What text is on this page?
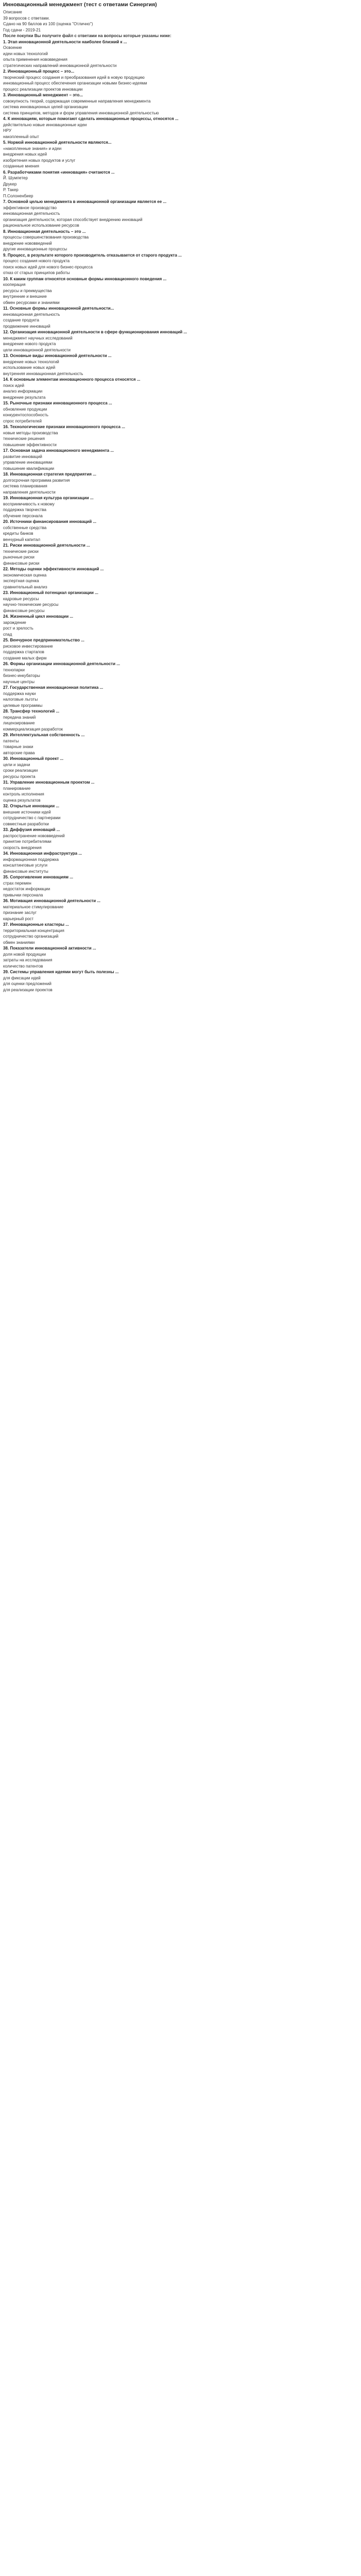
Инновационный менеджмент (тест с ответами Синергия)

Описание

39 вопросов с ответами.

Сдано на 90 баллов из 100 (оценка "Отлично")

Год сдачи - 2019-21

После покупки Вы получите файл с ответами на вопросы которые указаны ниже:

1. Этап инновационной деятельности наиболее близкий к ...

Освоение

идеи новых технологий

опыта применения нововведения

стратегических направлений инновационной деятельности

2. Инновационный процесс – это...

творческий процесс создания и преобразования идей в новую продукцию

инновационный процесс обеспечения организации новыми бизнес-идеями

процесс реализации проектов инновации

3. Инновационный менеджмент – это...

совокупность теорий, содержащая современные направления менеджмента

система инновационных целей организации

система принципов, методов и форм управления инновационной деятельностью

4. К инновациям, которые помогают сделать инновационные процессы, относятся ...

действительно новые инновационные идеи

НРУ

накопленный опыт

5. Нормой инновационной деятельности являются...

«накопленные знания» и идеи

внедрения новых идей

изобретения новых продуктов и услуг

созданные мнения

6. Разработчиками понятия «инновация» считаются ...

Й. Шумпетер

Друкер

Р. Такер

П.Солоненбиер

7. Основной целью менеджмента в инновационной организации является ее ...

эффективное производство

инновационная деятельность

организация деятельности, которая способствует внедрению инноваций

рациональное использование ресурсов

8. Инновационная деятельность – это ...

процессы совершенствования производства

внедрение нововведений

другие инновационные процессы

9. Процесс, в результате которого производитель отказывается от старого продукта ...

процесс создания нового продукта

поиск новых идей для нового бизнес-процесса

отказ от старых принципов работы

10. К каким группам относятся основные формы инновационного поведения ...

кооперация

ресурсы и преимущества

внутренние и внешние

обмен ресурсами и знаниями

11. Основные формы инновационной деятельности...

инновационная деятельность

создание продукта

продвижение инноваций

12. Организация инновационной деятельности в сфере функционирования инноваций ...

менеджмент научных исследований

внедрение нового продукта

цели инновационной деятельности

13. Основные виды инновационной деятельности ...

внедрение новых технологий

использование новых идей

внутренняя инновационная деятельность

14. К основным элементам инновационного процесса относятся ...

поиск идей

анализ информации

внедрение результата

15. Рыночные признаки инновационного процесса ...

обновление продукции

конкурентоспособность

спрос потребителей

16. Технологические признаки инновационного процесса ...

новые методы производства

технические решения

повышение эффективности

17. Основная задача инновационного менеджмента ...

развитие инноваций

управление инновациями

повышение квалификации

18. Инновационная стратегия предприятия ...

долгосрочная программа развития

система планирования

направления деятельности

19. Инновационная культура организации ...

восприимчивость к новому

поддержка творчества

обучение персонала

20. Источники финансирования инноваций ...

собственные средства

кредиты банков

венчурный капитал

21. Риски инновационной деятельности ...

технические риски

рыночные риски

финансовые риски

22. Методы оценки эффективности инноваций ...

экономическая оценка

экспертная оценка

сравнительный анализ

23. Инновационный потенциал организации ...

кадровые ресурсы

научно-технические ресурсы

финансовые ресурсы

24. Жизненный цикл инновации ...

зарождение

рост и зрелость

спад

25. Венчурное предпринимательство ...

рисковое инвестирование

поддержка стартапов

создание малых фирм

26. Формы организации инновационной деятельности ...

технопарки

бизнес-инкубаторы

научные центры

27. Государственная инновационная политика ...

поддержка науки

налоговые льготы

целевые программы

28. Трансфер технологий ...

передача знаний

лицензирование

коммерциализация разработок

29. Интеллектуальная собственность ...

патенты

товарные знаки

авторские права

30. Инновационный проект ...

цели и задачи

сроки реализации

ресурсы проекта

31. Управление инновационным проектом ...

планирование

контроль исполнения

оценка результатов

32. Открытые инновации ...

внешние источники идей

сотрудничество с партнерами

совместные разработки

33. Диффузия инноваций ...

распространение нововведений

принятие потребителями

скорость внедрения

34. Инновационная инфраструктура ...

информационная поддержка

консалтинговые услуги

финансовые институты

35. Сопротивление инновациям ...

страх перемен

недостаток информации

привычки персонала

36. Мотивация инновационной деятельности ...

материальное стимулирование

признание заслуг

карьерный рост

37. Инновационные кластеры ...

территориальная концентрация

сотрудничество организаций

обмен знаниями

38. Показатели инновационной активности ...

доля новой продукции

затраты на исследования

количество патентов

39. Системы управления идеями могут быть полезны ...

для фиксации идей

для оценки предложений

для реализации проектов
